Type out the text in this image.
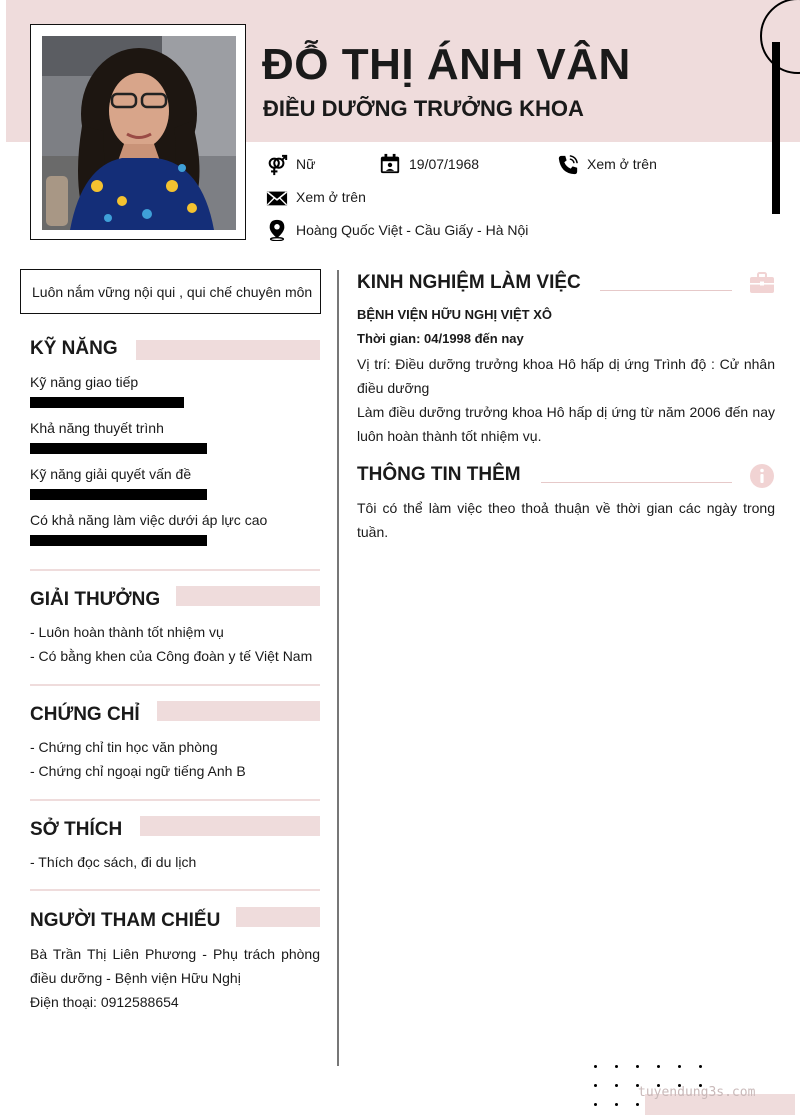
ĐỖ THỊ ÁNH VÂN
ĐIỀU DƯỠNG TRƯỞNG KHOA
Nữ	19/07/1968	Xem ở trên
Xem ở trên
Hoàng Quốc Việt - Cầu Giấy - Hà Nội
Luôn nắm vững nội qui , qui chế chuyên môn
KỸ NĂNG
Kỹ năng giao tiếp
Khả năng thuyết trình
Kỹ năng giải quyết vấn đề
Có khả năng làm việc dưới áp lực cao
GIẢI THƯỞNG
- Luôn hoàn thành tốt nhiệm vụ
- Có bằng khen của Công đoàn y tế Việt Nam
CHỨNG CHỈ
- Chứng chỉ tin học văn phòng
- Chứng chỉ ngoại ngữ tiếng Anh B
SỞ THÍCH
- Thích đọc sách, đi du lịch
NGƯỜI THAM CHIẾU
Bà Trần Thị Liên Phương - Phụ trách phòng
điều dưỡng - Bệnh viện Hữu Nghị
Điện thoại: 0912588654
KINH NGHIỆM LÀM VIỆC
BỆNH VIỆN HỮU NGHỊ VIỆT XÔ
Thời gian: 04/1998 đến nay
Vị trí: Điều dưỡng trưởng khoa Hô hấp dị ứng Trình độ : Cử nhân
điều dưỡng
Làm điều dưỡng trưởng khoa Hô hấp dị ứng từ năm 2006 đến nay
luôn hoàn thành tốt nhiệm vụ.
THÔNG TIN THÊM
Tôi có thể làm việc theo thoả thuận về thời gian các ngày trong
tuần.
tuyendung3s.com
